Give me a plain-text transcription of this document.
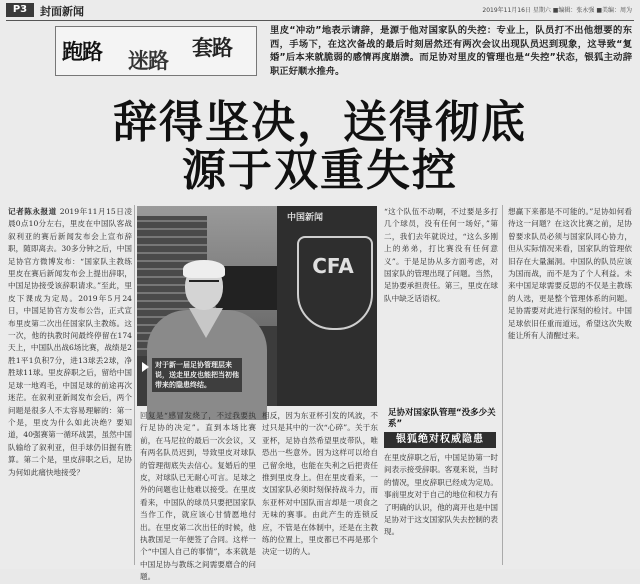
P3	封面新闻	2019年11月16日 星期六 ■编辑：张永强 ■美编：周为
跑路 迷路
套路
里皮“冲动”地表示请辞，是源于他对国家队的失控：专业上，队员打不出他想要的东西，手场下，在这次备战的最后时刻居然还有两次会议出现队员迟到现象，这导致“复婚”后本来就脆弱的感情再度崩溃。而足协对里皮的管理也是“失控”状态，银狐主动辞职正好顺水推舟。
辞得坚决，送得彻底
源于双重失控
记者陈永报道 2019年11月15日凌晨0点10分左右，里皮在中国队客战叙利亚的赛后新闻发布会上宣布辞职，随即离去。30多分钟之后，中国足协官方微博发布：“国家队主教练里皮在赛后新闻发布会上提出辞职，中国足协接受该辞职请求。”至此，里皮下课成为定局。2019年5月24日，中国足协官方发布公告，正式宣布里皮第二次出任国家队主教练。这一次，他的执教时间最终停留在174天上，中国队出战6场比赛，战绩是2胜1平1负积7分，进13球丢2球，净胜球11球。里皮辞职之后，留给中国足球一地鸡毛，中国足球的前途再次迷茫。在叙利亚新闻发布会后，两个问题是很多人不太容易理解的：第一个是，里皮为什么如此决绝？要知道，40强赛第一循环战罢，虽然中国队输给了叙利亚，但手球仍旧握有胜算。第二个是，里皮辞职之后，足协为何如此痛快地接受？
中国新闻
CFA
对于新一届足协管理层来说，送走里皮也能把当初他带来的隐患终结。
回复是“感冒发烧了，不过我要执行足协的决定”。直到本场比赛前，在马尼拉的最后一次会议，又有两名队员迟到，导致里皮对球队的管理彻底失去信心。复婚后的里皮，对球队已无耐心可言。足球之外的问题也让他难以接受。在里皮看来，中国队的球员只要把国家队当作工作，就应该心甘情愿地付出。在里皮第二次出任的时候，他执教国足一年便签了合同。这样一个“中国人自己的事情”，本来就是中国足协与教练之间需要磨合的问题。
相反，因为东亚杯引发的风波，不过只是其中的一次“心碎”。关于东亚杯，足协自然希望里皮带队，唯恐出一些意外。因为这样可以给自己留余地，也能在失利之后把责任推到里皮身上。但在里皮看来，一支国家队必须时刻保持战斗力，而东亚杯对中国队而言却是一项食之无味的赛事。由此产生的连锁反应，不管是在体制中，还是在主教练的位置上，里皮都已不再是那个决定一切的人。
“这个队伍不动啊，不过要是多打几个球员，没有任何一场好，”第二，我们去年就说过，“这么多刚上的弟弟，打比赛没有任何意义”。于是足协从多方面考虑，对国家队的管理出现了问题。当然，足协要承担责任。第三，里皮在球队中缺乏话语权。
足协对国家队管理“没多少关系”
银狐绝对权威隐患
在里皮辞职之后，中国足协第一时间表示接受辞职。客观来说，当时的情况，里皮辞职已经成为定局。事前里皮对于自己的地位和权力有了明确的认识，他的离开也是中国足协对于这支国家队失去控制的表现。
想赢下来都是不可能的。”足协如何看待这一问题？在这次比赛之前，足协曾要求队员必须与国家队同心协力，但从实际情况来看，国家队的管理依旧存在大量漏洞。中国队的队员应该为国而战，而不是为了个人利益。未来中国足球需要反思的不仅是主教练的人选，更是整个管理体系的问题。足协需要对此进行深刻的检讨。中国足球依旧任重而道远，希望这次失败能让所有人清醒过来。
